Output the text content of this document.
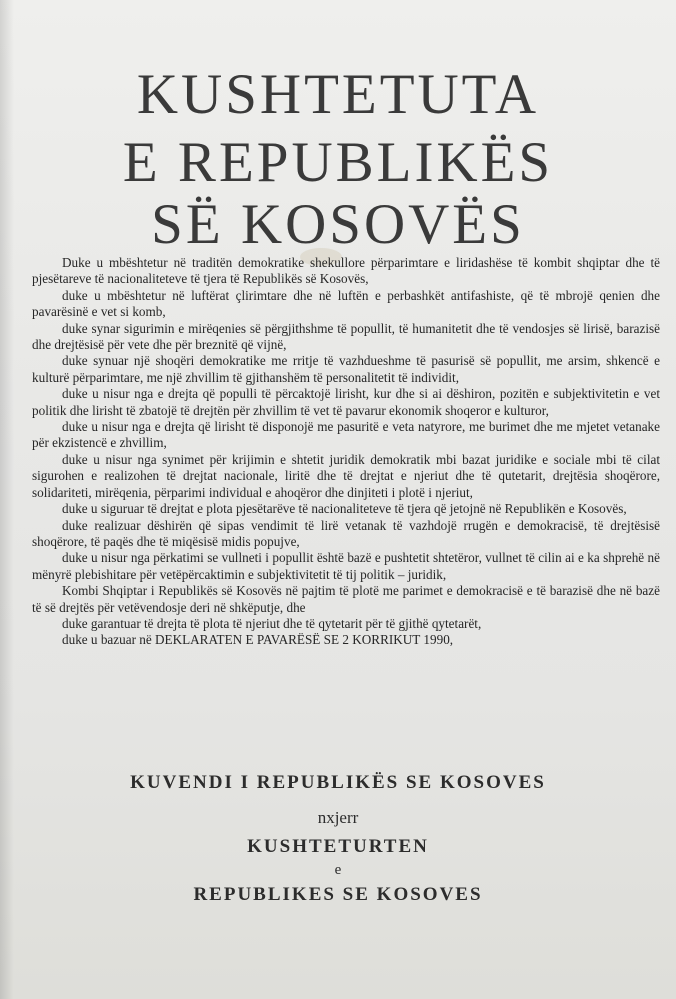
KUSHTETUTA
E REPUBLIKËS
SË KOSOVËS

Duke u mbështetur në traditën demokratike shekullore përparimtare e liridashëse të kombit shqiptar dhe të pjesëtareve të nacionaliteteve të tjera të Republikës së Kosovës,

duke u mbështetur në luftërat çlirimtare dhe në luftën e perbashkët antifashiste, që të mbrojë qenien dhe pavarësinë e vet si komb,

duke synar sigurimin e mirëqenies së përgjithshme të popullit, të humanitetit dhe të vendosjes së lirisë, barazisë dhe drejtësisë për vete dhe për breznitë që vijnë,

duke synuar një shoqëri demokratike me rritje të vazhdueshme të pasurisë së popullit, me arsim, shkencë e kulturë përparimtare, me një zhvillim të gjithanshëm të personalitetit të individit,

duke u nisur nga e drejta që populli të përcaktojë lirisht, kur dhe si ai dëshiron, pozitën e subjektivitetin e vet politik dhe lirisht të zbatojë të drejtën për zhvillim të vet të pavarur ekonomik shoqeror e kulturor,

duke u nisur nga e drejta që lirisht të disponojë me pasuritë e veta natyrore, me burimet dhe me mjetet vetanake për ekzistencë e zhvillim,

duke u nisur nga synimet për krijimin e shtetit juridik demokratik mbi bazat juridike e sociale mbi të cilat sigurohen e realizohen të drejtat nacionale, liritë dhe të drejtat e njeriut dhe të qutetarit, drejtësia shoqërore, solidariteti, mirëqenia, përparimi individual e ahoqëror dhe dinjiteti i plotë i njeriut,

duke u siguruar të drejtat e plota pjesëtarëve të nacionaliteteve të tjera që jetojnë në Republikën e Kosovës,

duke realizuar dëshirën që sipas vendimit të lirë vetanak të vazhdojë rrugën e demokracisë, të drejtësisë shoqërore, të paqës dhe të miqësisë midis popujve,

duke u nisur nga përkatimi se vullneti i popullit është bazë e pushtetit shtetëror, vullnet të cilin ai e ka shprehë në mënyrë plebishitare për vetëpërcaktimin e subjektivitetit të tij politik – juridik,

Kombi Shqiptar i Republikës së Kosovës në pajtim të plotë me parimet e demokracisë e të barazisë dhe në bazë të së drejtës për vetëvendosje deri në shkëputje, dhe

duke garantuar të drejta të plota të njeriut dhe të qytetarit për të gjithë qytetarët,

duke u bazuar në DEKLARATEN E PAVARËSË SE 2 KORRIKUT 1990,

KUVENDI I REPUBLIKËS SE KOSOVES
nxjerr
KUSHTETURTEN
e
REPUBLIKES SE KOSOVES
